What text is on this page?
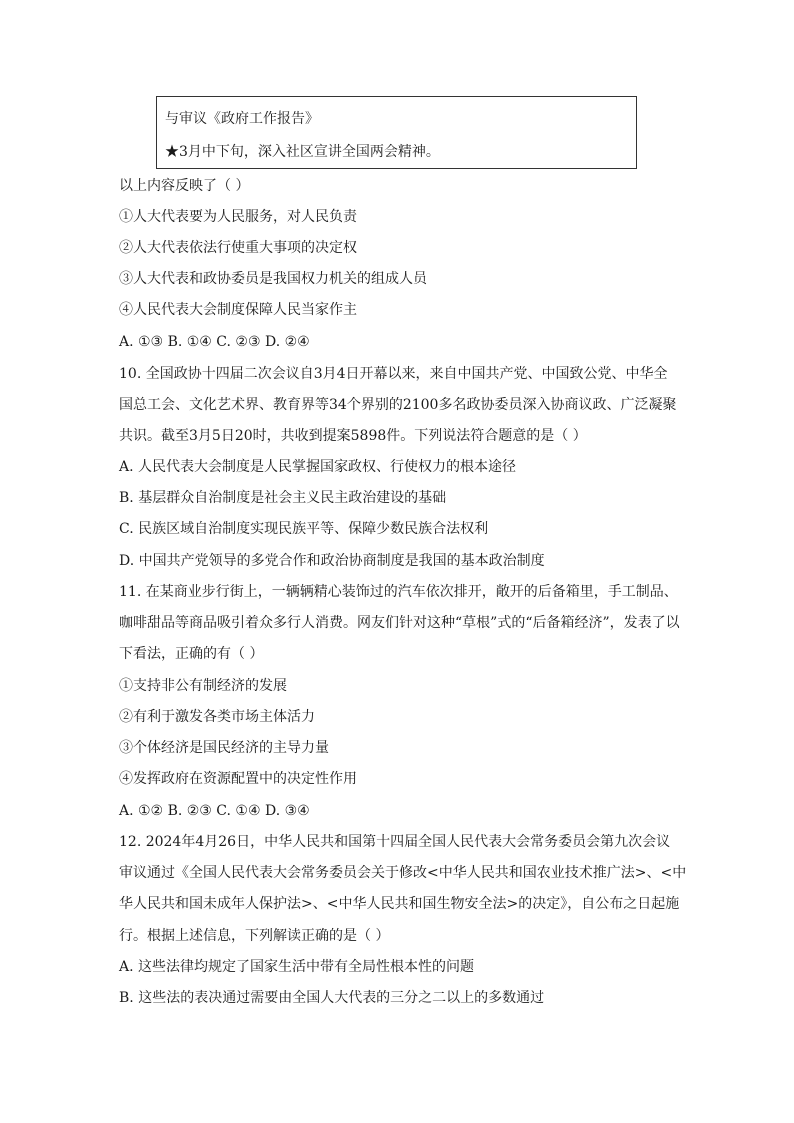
与审议《政府工作报告》
★3月中下旬，深入社区宣讲全国两会精神。
以上内容反映了（ ）
①人大代表要为人民服务，对人民负责
②人大代表依法行使重大事项的决定权
③人大代表和政协委员是我国权力机关的组成人员
④人民代表大会制度保障人民当家作主
A. ①③ B. ①④ C. ②③ D. ②④
10. 全国政协十四届二次会议自3月4日开幕以来，来自中国共产党、中国致公党、中华全
国总工会、文化艺术界、教育界等34个界别的2100多名政协委员深入协商议政、广泛凝聚
共识。截至3月5日20时，共收到提案5898件。下列说法符合题意的是（ ）
A. 人民代表大会制度是人民掌握国家政权、行使权力的根本途径
B. 基层群众自治制度是社会主义民主政治建设的基础
C. 民族区域自治制度实现民族平等、保障少数民族合法权利
D. 中国共产党领导的多党合作和政治协商制度是我国的基本政治制度
11. 在某商业步行街上，一辆辆精心装饰过的汽车依次排开，敞开的后备箱里，手工制品、
咖啡甜品等商品吸引着众多行人消费。网友们针对这种“草根”式的“后备箱经济”，发表了以
下看法，正确的有（ ）
①支持非公有制经济的发展
②有利于激发各类市场主体活力
③个体经济是国民经济的主导力量
④发挥政府在资源配置中的决定性作用
A. ①② B. ②③ C. ①④ D. ③④
12. 2024年4月26日，中华人民共和国第十四届全国人民代表大会常务委员会第九次会议
审议通过《全国人民代表大会常务委员会关于修改<中华人民共和国农业技术推广法>、<中
华人民共和国未成年人保护法>、<中华人民共和国生物安全法>的决定》，自公布之日起施
行。根据上述信息，下列解读正确的是（ ）
A. 这些法律均规定了国家生活中带有全局性根本性的问题
B. 这些法的表决通过需要由全国人大代表的三分之二以上的多数通过
